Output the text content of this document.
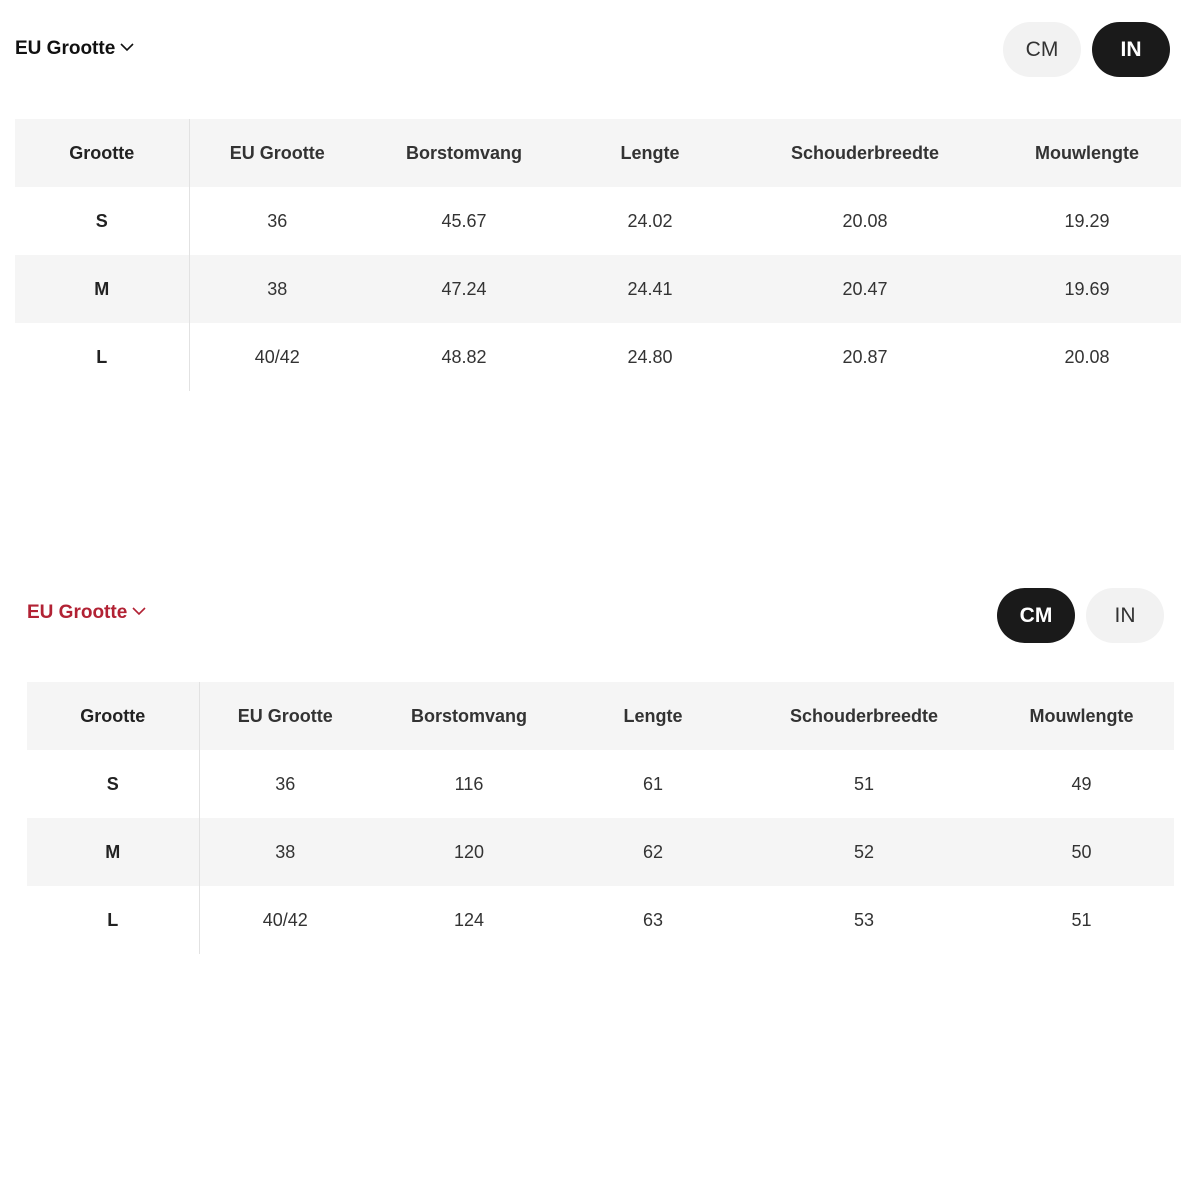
EU Grootte	CM	IN
Grootte	EU Grootte	Borstomvang	Lengte	Schouderbreedte	Mouwlengte
S	36	45.67	24.02	20.08	19.29
M	38	47.24	24.41	20.47	19.69
L	40/42	48.82	24.80	20.87	20.08
EU Grootte	CM	IN
Grootte	EU Grootte	Borstomvang	Lengte	Schouderbreedte	Mouwlengte
S	36	116	61	51	49
M	38	120	62	52	50
L	40/42	124	63	53	51
